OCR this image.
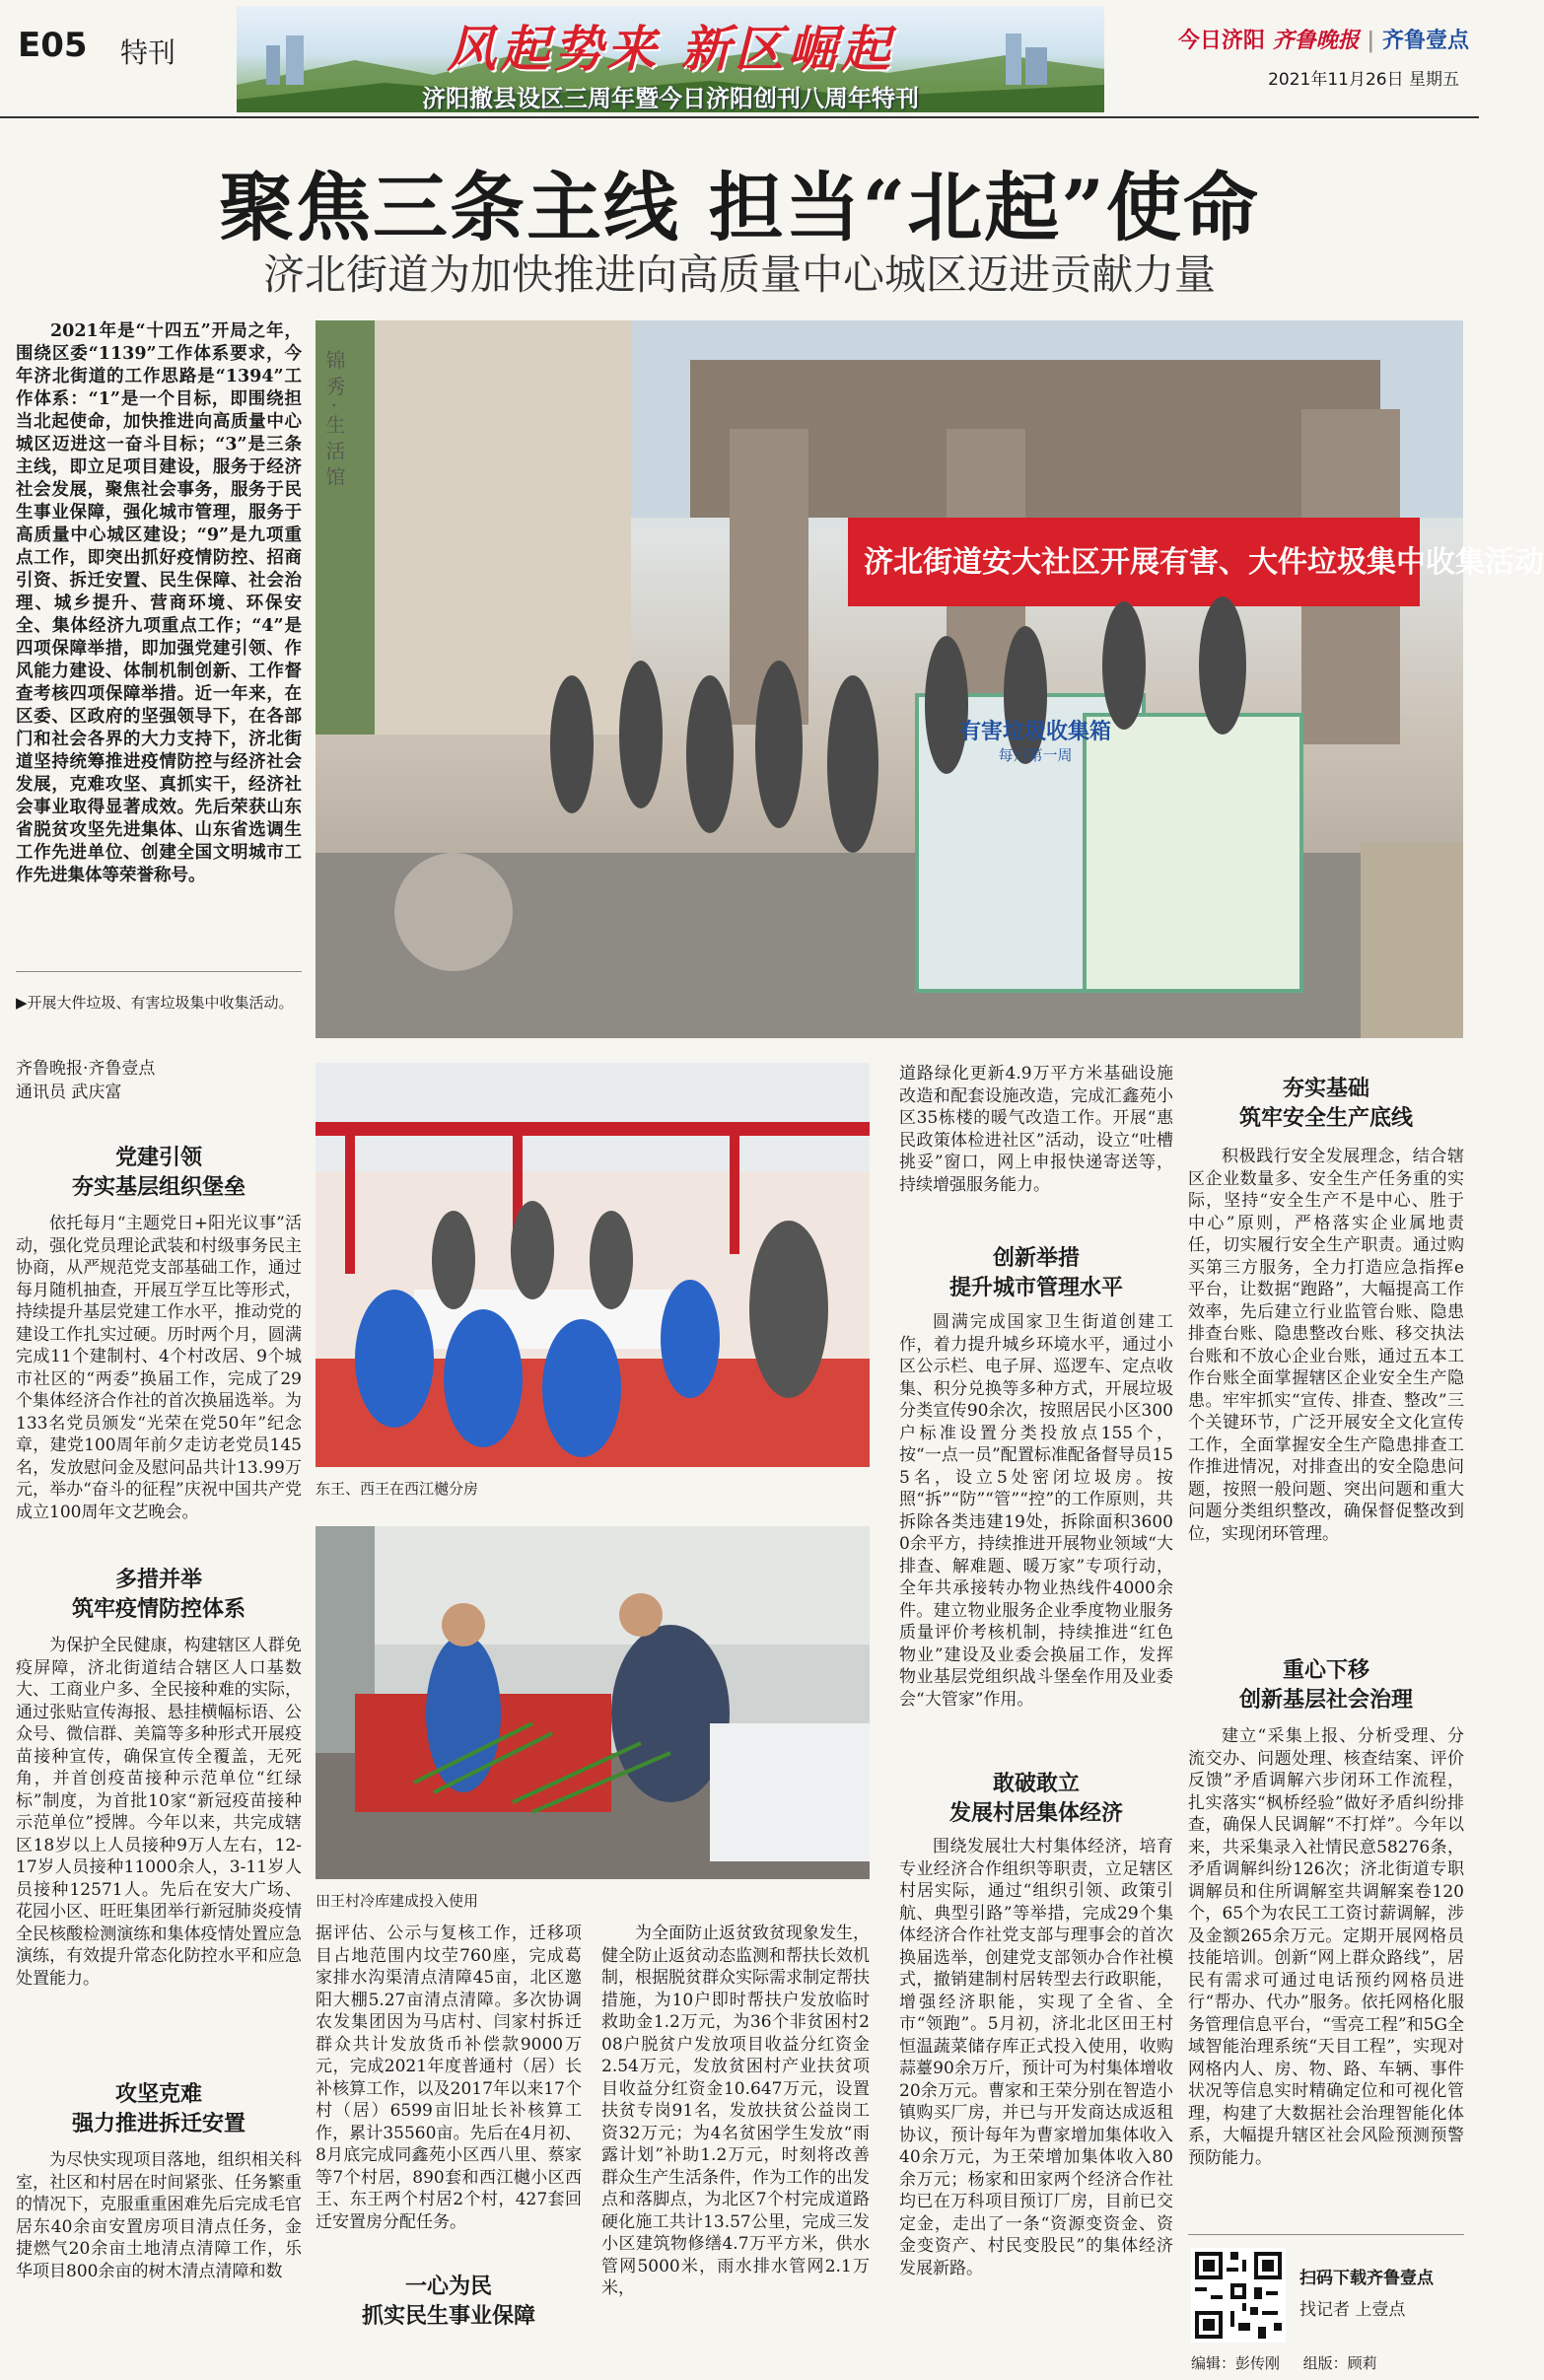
E05 特刊	风起势来 新区崛起
济阳撤县设区三周年暨今日济阳创刊八周年特刊
今日济阳 齐鲁晚报 | 齐鲁壹点
2021年11月26日 星期五
聚焦三条主线 担当“北起”使命
济北街道为加快推进向高质量中心城区迈进贡献力量

2021年是“十四五”开局之年，围绕区委“1139”工作体系要求，今年济北街道的工作思路是“1394”工作体系：“1”是一个目标，即围绕担当北起使命，加快推进向高质量中心城区迈进这一奋斗目标；“3”是三条主线，即立足项目建设，服务于经济社会发展，聚焦社会事务，服务于民生事业保障，强化城市管理，服务于高质量中心城区建设；“9”是九项重点工作，即突出抓好疫情防控、招商引资、拆迁安置、民生保障、社会治理、城乡提升、营商环境、环保安全、集体经济九项重点工作；“4”是四项保障举措，即加强党建引领、作风能力建设、体制机制创新、工作督查考核四项保障举措。近一年来，在区委、区政府的坚强领导下，在各部门和社会各界的大力支持下，济北街道坚持统筹推进疫情防控与经济社会发展，克难攻坚、真抓实干，经济社会事业取得显著成效。先后荣获山东省脱贫攻坚先进集体、山东省选调生工作先进单位、创建全国文明城市工作先进集体等荣誉称号。

▶开展大件垃圾、有害垃圾集中收集活动。
济北街道安大社区开展有害、大件垃圾集中收集活动
锦 秀 · 生 活 馆
有害垃圾收集箱
每月第一周
齐鲁晚报·齐鲁壹点
通讯员 武庆富
党建引领
夯实基层组织堡垒

依托每月“主题党日+阳光议事”活动，强化党员理论武装和村级事务民主协商，从严规范党支部基础工作，通过每月随机抽查，开展互学互比等形式，持续提升基层党建工作水平，推动党的建设工作扎实过硬。历时两个月，圆满完成11个建制村、4个村改居、9个城市社区的“两委”换届工作，完成了29个集体经济合作社的首次换届选举。为133名党员颁发“光荣在党50年”纪念章，建党100周年前夕走访老党员145名，发放慰问金及慰问品共计13.99万元，举办“奋斗的征程”庆祝中国共产党成立100周年文艺晚会。

多措并举
筑牢疫情防控体系

为保护全民健康，构建辖区人群免疫屏障，济北街道结合辖区人口基数大、工商业户多、全民接种难的实际，通过张贴宣传海报、悬挂横幅标语、公众号、微信群、美篇等多种形式开展疫苗接种宣传，确保宣传全覆盖，无死角，并首创疫苗接种示范单位“红绿标”制度，为首批10家“新冠疫苗接种示范单位”授牌。今年以来，共完成辖区18岁以上人员接种9万人左右，12-17岁人员接种11000余人，3-11岁人员接种12571人。先后在安大广场、花园小区、旺旺集团举行新冠肺炎疫情全民核酸检测演练和集体疫情处置应急演练，有效提升常态化防控水平和应急处置能力。

攻坚克难
强力推进拆迁安置

为尽快实现项目落地，组织相关科室，社区和村居在时间紧张、任务繁重的情况下，克服重重困难先后完成毛官居东40余亩安置房项目清点任务，金捷燃气20余亩土地清点清障工作，乐华项目800余亩的树木清点清障和数

东王、西王在西江樾分房
田王村冷库建成投入使用

据评估、公示与复核工作，迁移项目占地范围内坟茔760座，完成葛家排水沟渠清点清障45亩，北区邀阳大棚5.27亩清点清障。多次协调农发集团因为马店村、闫家村拆迁群众共计发放货币补偿款9000万元，完成2021年度普通村（居）长补核算工作，以及2017年以来17个村（居）6599亩旧址长补核算工作，累计35560亩。先后在4月初、8月底完成同鑫苑小区西八里、蔡家等7个村居，890套和西江樾小区西王、东王两个村居2个村，427套回迁安置房分配任务。

一心为民
抓实民生事业保障

为全面防止返贫致贫现象发生，健全防止返贫动态监测和帮扶长效机制，根据脱贫群众实际需求制定帮扶措施，为10户即时帮扶户发放临时救助金1.2万元，为36个非贫困村208户脱贫户发放项目收益分红资金2.54万元，发放贫困村产业扶贫项目收益分红资金10.647万元，设置扶贫专岗91名，发放扶贫公益岗工资32万元；为4名贫困学生发放“雨露计划”补助1.2万元，时刻将改善群众生产生活条件，作为工作的出发点和落脚点，为北区7个村完成道路硬化施工共计13.57公里，完成三发小区建筑物修缮4.7万平方米，供水管网5000米，雨水排水管网2.1万米，

道路绿化更新4.9万平方米基础设施改造和配套设施改造，完成汇鑫苑小区35栋楼的暖气改造工作。开展“惠民政策体检进社区”活动，设立“吐槽挑妥”窗口，网上申报快递寄送等，持续增强服务能力。

创新举措
提升城市管理水平

圆满完成国家卫生街道创建工作，着力提升城乡环境水平，通过小区公示栏、电子屏、巡逻车、定点收集、积分兑换等多种方式，开展垃圾分类宣传90余次，按照居民小区300户标准设置分类投放点155个，按“一点一员”配置标准配备督导员155名，设立5处密闭垃圾房。按照“拆”“防”“管”“控”的工作原则，共拆除各类违建19处，拆除面积36000余平方，持续推进开展物业领域“大排查、解难题、暖万家”专项行动，全年共承接转办物业热线件4000余件。建立物业服务企业季度物业服务质量评价考核机制，持续推进“红色物业”建设及业委会换届工作，发挥物业基层党组织战斗堡垒作用及业委会“大管家”作用。

敢破敢立
发展村居集体经济

围绕发展壮大村集体经济，培育专业经济合作组织等职责，立足辖区村居实际，通过“组织引领、政策引航、典型引路”等举措，完成29个集体经济合作社党支部与理事会的首次换届选举，创建党支部领办合作社模式，撤销建制村居转型去行政职能，增强经济职能，实现了全省、全市“领跑”。5月初，济北北区田王村恒温蔬菜储存库正式投入使用，收购蒜薹90余万斤，预计可为村集体增收20余万元。曹家和王荣分别在智造小镇购买厂房，并已与开发商达成返租协议，预计每年为曹家增加集体收入40余万元，为王荣增加集体收入80余万元；杨家和田家两个经济合作社均已在万科项目预订厂房，目前已交定金，走出了一条“资源变资金、资金变资产、村民变股民”的集体经济发展新路。

夯实基础
筑牢安全生产底线

积极践行安全发展理念，结合辖区企业数量多、安全生产任务重的实际，坚持“安全生产不是中心、胜于中心”原则，严格落实企业属地责任，切实履行安全生产职责。通过购买第三方服务，全力打造应急指挥e平台，让数据“跑路”，大幅提高工作效率，先后建立行业监管台账、隐患排查台账、隐患整改台账、移交执法台账和不放心企业台账，通过五本工作台账全面掌握辖区企业安全生产隐患。牢牢抓实“宣传、排查、整改”三个关键环节，广泛开展安全文化宣传工作，全面掌握安全生产隐患排查工作推进情况，对排查出的安全隐患问题，按照一般问题、突出问题和重大问题分类组织整改，确保督促整改到位，实现闭环管理。

重心下移
创新基层社会治理

建立“采集上报、分析受理、分流交办、问题处理、核查结案、评价反馈”矛盾调解六步闭环工作流程，扎实落实“枫桥经验”做好矛盾纠纷排查，确保人民调解“不打烊”。今年以来，共采集录入社情民意58276条，矛盾调解纠纷126次；济北街道专职调解员和住所调解室共调解案卷120个，65个为农民工工资讨薪调解，涉及金额265余万元。定期开展网格员技能培训。创新“网上群众路线”，居民有需求可通过电话预约网格员进行“帮办、代办”服务。依托网格化服务管理信息平台，“雪亮工程”和5G全域智能治理系统“天目工程”，实现对网格内人、房、物、路、车辆、事件状况等信息实时精确定位和可视化管理，构建了大数据社会治理智能化体系，大幅提升辖区社会风险预测预警预防能力。

扫码下载齐鲁壹点
找记者 上壹点
编辑：彭传刚 组版：顾莉
